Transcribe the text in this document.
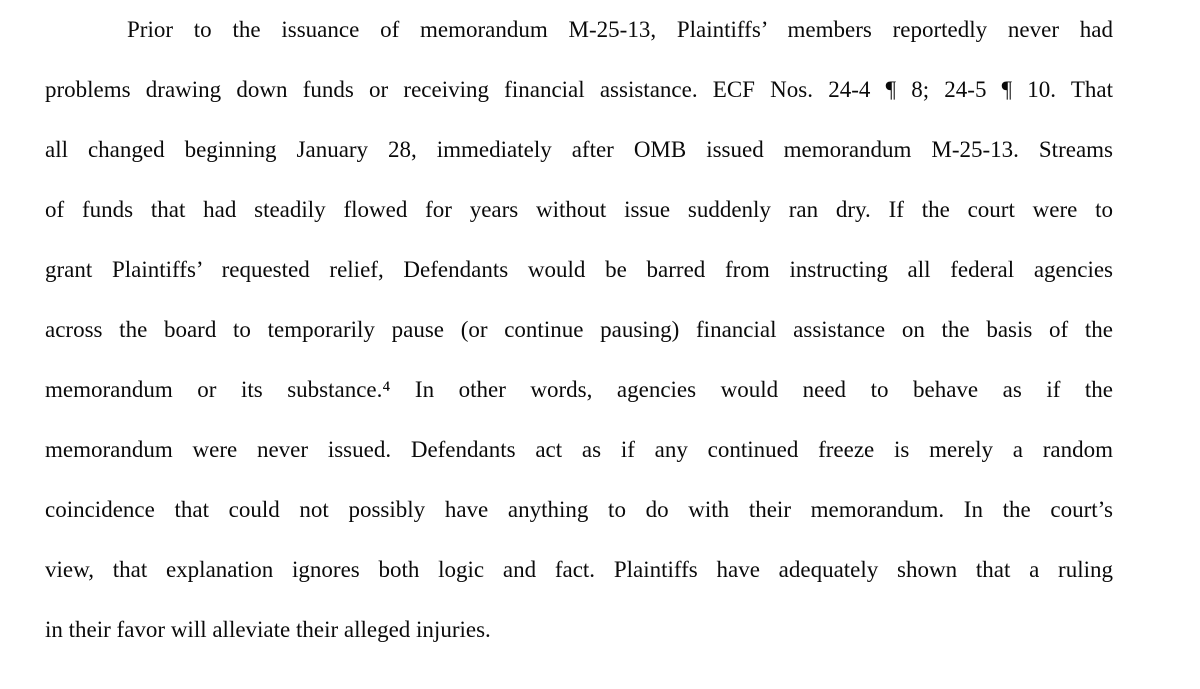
Prior to the issuance of memorandum M-25-13, Plaintiffs’ members reportedly never had
problems drawing down funds or receiving financial assistance. ECF Nos. 24-4 ¶ 8; 24-5 ¶ 10. That
all changed beginning January 28, immediately after OMB issued memorandum M-25-13. Streams
of funds that had steadily flowed for years without issue suddenly ran dry. If the court were to
grant Plaintiffs’ requested relief, Defendants would be barred from instructing all federal agencies
across the board to temporarily pause (or continue pausing) financial assistance on the basis of the
memorandum or its substance.⁴ In other words, agencies would need to behave as if the
memorandum were never issued. Defendants act as if any continued freeze is merely a random
coincidence that could not possibly have anything to do with their memorandum. In the court’s
view, that explanation ignores both logic and fact. Plaintiffs have adequately shown that a ruling
in their favor will alleviate their alleged injuries.
